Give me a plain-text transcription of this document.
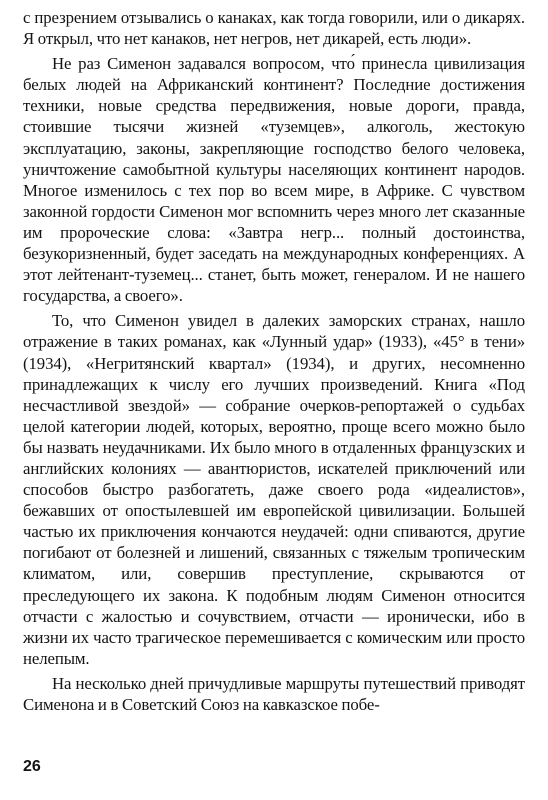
с презрением отзывались о канаках, как тогда говорили, или о дикарях. Я открыл, что нет канаков, нет негров, нет дикарей, есть люди».

Не раз Сименон задавался вопросом, что́ принесла цивилизация белых людей на Африканский континент? Последние достижения техники, новые средства передвижения, новые дороги, правда, стоившие тысячи жизней «туземцев», алкоголь, жестокую эксплуатацию, законы, закрепляющие господство белого человека, уничтожение самобытной культуры населяющих континент народов. Многое изменилось с тех пор во всем мире, в Африке. С чувством законной гордости Сименон мог вспомнить через много лет сказанные им пророческие слова: «Завтра негр... полный достоинства, безукоризненный, будет заседать на международных конференциях. А этот лейтенант-туземец... станет, быть может, генералом. И не нашего государства, а своего».

То, что Сименон увидел в далеких заморских странах, нашло отражение в таких романах, как «Лунный удар» (1933), «45° в тени» (1934), «Негритянский квартал» (1934), и других, несомненно принадлежащих к числу его лучших произведений. Книга «Под несчастливой звездой» — собрание очерков-репортажей о судьбах целой категории людей, которых, вероятно, проще всего можно было бы назвать неудачниками. Их было много в отдаленных французских и английских колониях — авантюристов, искателей приключений или способов быстро разбогатеть, даже своего рода «идеалистов», бежавших от опостылевшей им европейской цивилизации. Большей частью их приключения кончаются неудачей: одни спиваются, другие погибают от болезней и лишений, связанных с тяжелым тропическим климатом, или, совершив преступление, скрываются от преследующего их закона. К подобным людям Сименон относится отчасти с жалостью и сочувствием, отчасти — иронически, ибо в жизни их часто трагическое перемешивается с комическим или просто нелепым.

На несколько дней причудливые маршруты путешествий приводят Сименона и в Советский Союз на кавказское побе-

26
